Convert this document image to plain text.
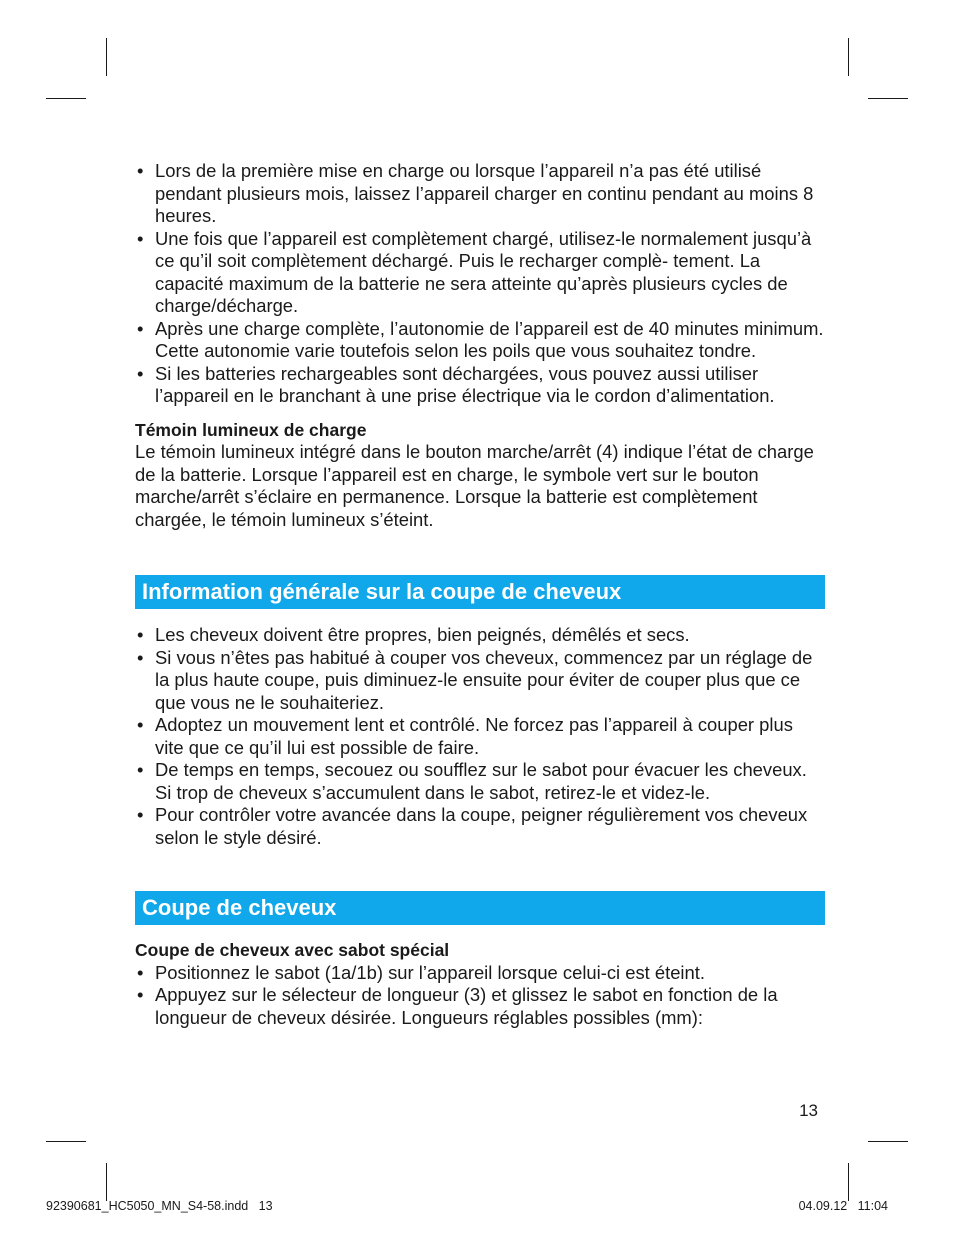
• Lors de la première mise en charge ou lorsque l’appareil n’a pas été utilisé pendant plusieurs mois, laissez l’appareil charger en continu pendant au moins 8 heures.
• Une fois que l’appareil est complètement chargé, utilisez-le normalement jusqu’à ce qu’il soit complètement déchargé. Puis le recharger complè- tement. La capacité maximum de la batterie ne sera atteinte qu’après plusieurs cycles de charge/décharge.
• Après une charge complète, l’autonomie de l’appareil est de 40 minutes minimum. Cette autonomie varie toutefois selon les poils que vous souhaitez tondre.
• Si les batteries rechargeables sont déchargées, vous pouvez aussi utiliser l’appareil en le branchant à une prise électrique via le cordon d’alimentation.

Témoin lumineux de charge

Le témoin lumineux intégré dans le bouton marche/arrêt (4) indique l’état de charge de la batterie. Lorsque l’appareil est en charge, le symbole vert sur le bouton marche/arrêt s’éclaire en permanence. Lorsque la batterie est complètement chargée, le témoin lumineux s’éteint.

Information générale sur la coupe de cheveux
• Les cheveux doivent être propres, bien peignés, démêlés et secs.
• Si vous n’êtes pas habitué à couper vos cheveux, commencez par un réglage de la plus haute coupe, puis diminuez-le ensuite pour éviter de couper plus que ce que vous ne le souhaiteriez.
• Adoptez un mouvement lent et contrôlé. Ne forcez pas l’appareil à couper plus vite que ce qu’il lui est possible de faire.
• De temps en temps, secouez ou soufflez sur le sabot pour évacuer les cheveux. Si trop de cheveux s’accumulent dans le sabot, retirez-le et videz-le.
• Pour contrôler votre avancée dans la coupe, peigner régulièrement vos cheveux selon le style désiré.
Coupe de cheveux

Coupe de cheveux avec sabot spécial

• Positionnez le sabot (1a/1b) sur l’appareil lorsque celui-ci est éteint.
• Appuyez sur le sélecteur de longueur (3) et glissez le sabot en fonction de la longueur de cheveux désirée. Longueurs réglables possibles (mm):
13
92390681_HC5050_MN_S4-58.indd   13	04.09.12   11:04
